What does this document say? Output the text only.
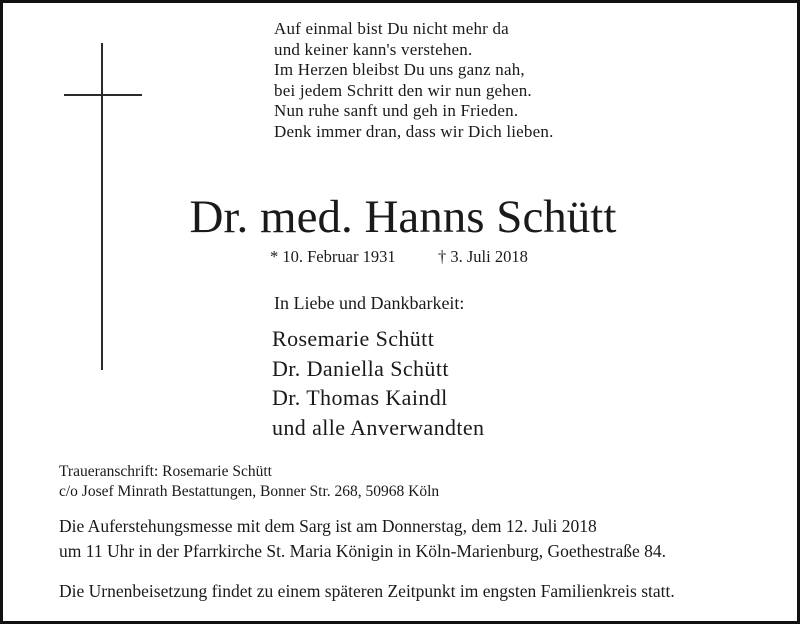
Auf einmal bist Du nicht mehr da
und keiner kann's verstehen.
Im Herzen bleibst Du uns ganz nah,
bei jedem Schritt den wir nun gehen.
Nun ruhe sanft und geh in Frieden.
Denk immer dran, dass wir Dich lieben.
Dr. med. Hanns Schütt
* 10. Februar 1931	† 3. Juli 2018
In Liebe und Dankbarkeit:
Rosemarie Schütt
Dr. Daniella Schütt
Dr. Thomas Kaindl
und alle Anverwandten
Traueranschrift: Rosemarie Schütt
c/o Josef Minrath Bestattungen, Bonner Str. 268, 50968 Köln
Die Auferstehungsmesse mit dem Sarg ist am Donnerstag, dem 12. Juli 2018
um 11 Uhr in der Pfarrkirche St. Maria Königin in Köln-Marienburg, Goethestraße 84.
Die Urnenbeisetzung findet zu einem späteren Zeitpunkt im engsten Familienkreis statt.
